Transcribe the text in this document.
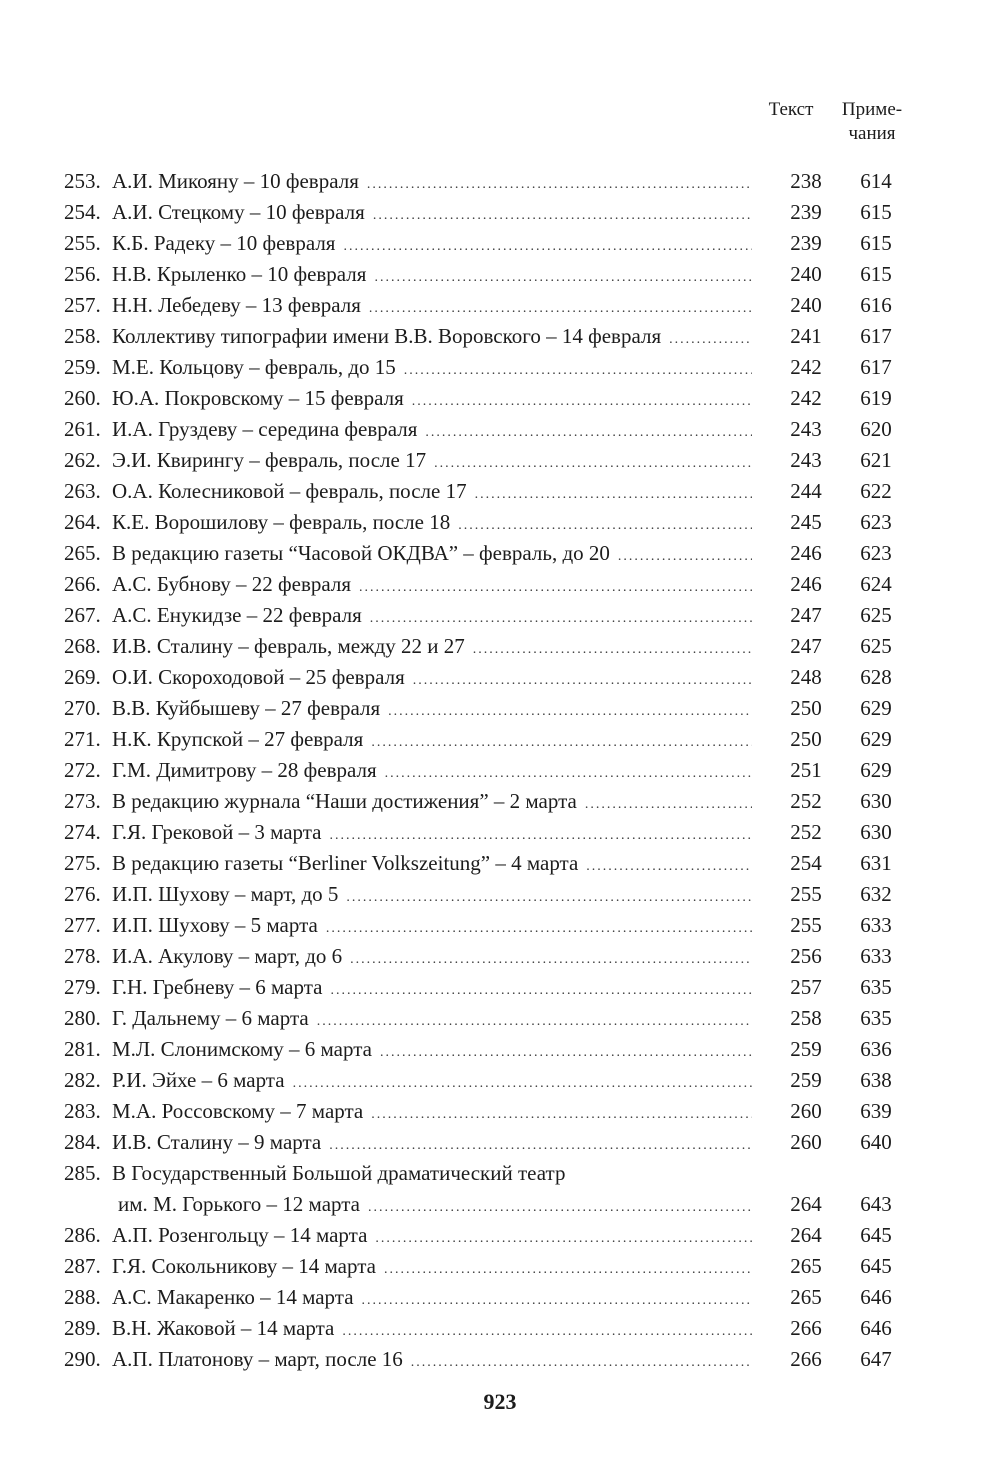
Текст	Приме-
чания
253. А.И. Микояну – 10 февраля .....	238	614
254. А.И. Стецкому – 10 февраля .....	239	615
255. К.Б. Радеку – 10 февраля .....	239	615
256. Н.В. Крыленко – 10 февраля .....	240	615
257. Н.Н. Лебедеву – 13 февраля .....	240	616
258. Коллективу типографии имени В.В. Воровского – 14 февраля .....	241	617
259. М.Е. Кольцову – февраль, до 15 .....	242	617
260. Ю.А. Покровскому – 15 февраля .....	242	619
261. И.А. Груздеву – середина февраля .....	243	620
262. Э.И. Квирингу – февраль, после 17 .....	243	621
263. О.А. Колесниковой – февраль, после 17 .....	244	622
264. К.Е. Ворошилову – февраль, после 18 .....	245	623
265. В редакцию газеты “Часовой ОКДВА” – февраль, до 20 .....	246	623
266. А.С. Бубнову – 22 февраля .....	246	624
267. А.С. Енукидзе – 22 февраля .....	247	625
268. И.В. Сталину – февраль, между 22 и 27 .....	247	625
269. О.И. Скороходовой – 25 февраля .....	248	628
270. В.В. Куйбышеву – 27 февраля .....	250	629
271. Н.К. Крупской – 27 февраля .....	250	629
272. Г.М. Димитрову – 28 февраля .....	251	629
273. В редакцию журнала “Наши достижения” – 2 марта .....	252	630
274. Г.Я. Грековой – 3 марта .....	252	630
275. В редакцию газеты “Berliner Volkszeitung” – 4 марта .....	254	631
276. И.П. Шухову – март, до 5 .....	255	632
277. И.П. Шухову – 5 марта .....	255	633
278. И.А. Акулову – март, до 6 .....	256	633
279. Г.Н. Гребневу – 6 марта .....	257	635
280. Г. Дальнему – 6 марта .....	258	635
281. М.Л. Слонимскому – 6 марта .....	259	636
282. Р.И. Эйхе – 6 марта .....	259	638
283. М.А. Россовскому – 7 марта .....	260	639
284. И.В. Сталину – 9 марта .....	260	640
285. В Государственный Большой драматический театр
им. М. Горького – 12 марта .....	264	643
286. А.П. Розенгольцу – 14 марта .....	264	645
287. Г.Я. Сокольникову – 14 марта .....	265	645
288. А.С. Макаренко – 14 марта .....	265	646
289. В.Н. Жаковой – 14 марта .....	266	646
290. А.П. Платонову – март, после 16 .....	266	647
923
